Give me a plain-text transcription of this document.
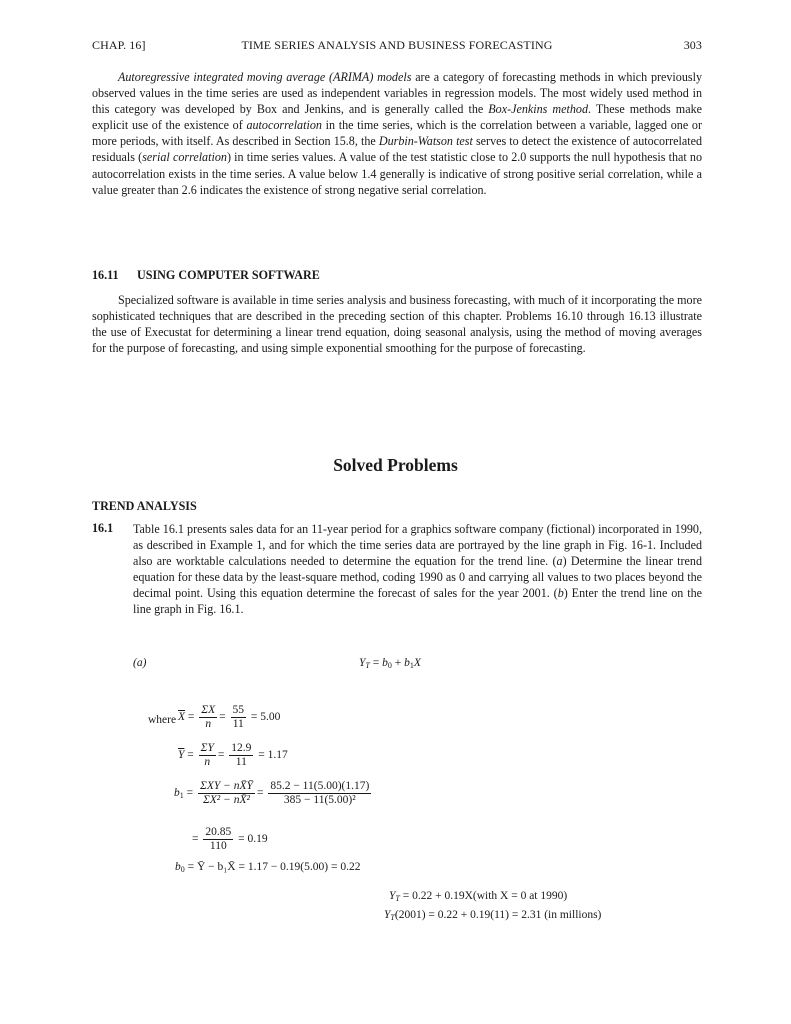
CHAP. 16]	TIME SERIES ANALYSIS AND BUSINESS FORECASTING	303

Autoregressive integrated moving average (ARIMA) models are a category of forecasting methods in which previously observed values in the time series are used as independent variables in regression models. The most widely used method in this category was developed by Box and Jenkins, and is generally called the Box-Jenkins method. These methods make explicit use of the existence of autocorrelation in the time series, which is the correlation between a variable, lagged one or more periods, with itself. As described in Section 15.8, the Durbin-Watson test serves to detect the existence of autocorrelated residuals (serial correlation) in time series values. A value of the test statistic close to 2.0 supports the null hypothesis that no autocorrelation exists in the time series. A value below 1.4 generally is indicative of strong positive serial correlation, while a value greater than 2.6 indicates the existence of strong negative serial correlation.

16.11 USING COMPUTER SOFTWARE

Specialized software is available in time series analysis and business forecasting, with much of it incorporating the more sophisticated techniques that are described in the preceding section of this chapter. Problems 16.10 through 16.13 illustrate the use of Execustat for determining a linear trend equation, doing seasonal analysis, using the method of moving averages for the purpose of forecasting, and using simple exponential smoothing for the purpose of forecasting.

Solved Problems
TREND ANALYSIS
16.1 Table 16.1 presents sales data for an 11-year period for a graphics software company (fictional) incorporated in 1990, as described in Example 1, and for which the time series data are portrayed by the line graph in Fig. 16-1. Included also are worktable calculations needed to determine the equation for the trend line. (a) Determine the linear trend equation for these data by the least-square method, coding 1990 as 0 and carrying all values to two places beyond the decimal point. Using this equation determine the forecast of sales for the year 2001. (b) Enter the trend line on the line graph in Fig. 16.1.

(a)	$Y_T = b_0 + b_1X$
where $\overline{X} = \frac{\Sigma X}{n} = \frac{55}{11} = 5.00$
$\overline{Y} = \frac{\Sigma Y}{n} = \frac{12.9}{11} = 1.17$
$b_1 = \frac{\text{ΣXY − nX̄Ȳ}}{\text{ΣX² − nX̄²}} = \frac{85.2 - 11(5.00)(1.17)}{\text{385 − 11(5.00)²}}$
= $\frac{20.85}{110} = 0.19$
$b_0$ = Ȳ − b₁X̄ = 1.17 − 0.19(5.00) = 0.22
$Y_T = 0.22$ + 0.19X(with X = 0 at 1990)
$Y_T(2001) = 0.22 + 0.19(11) = 2.31$ (in millions)
